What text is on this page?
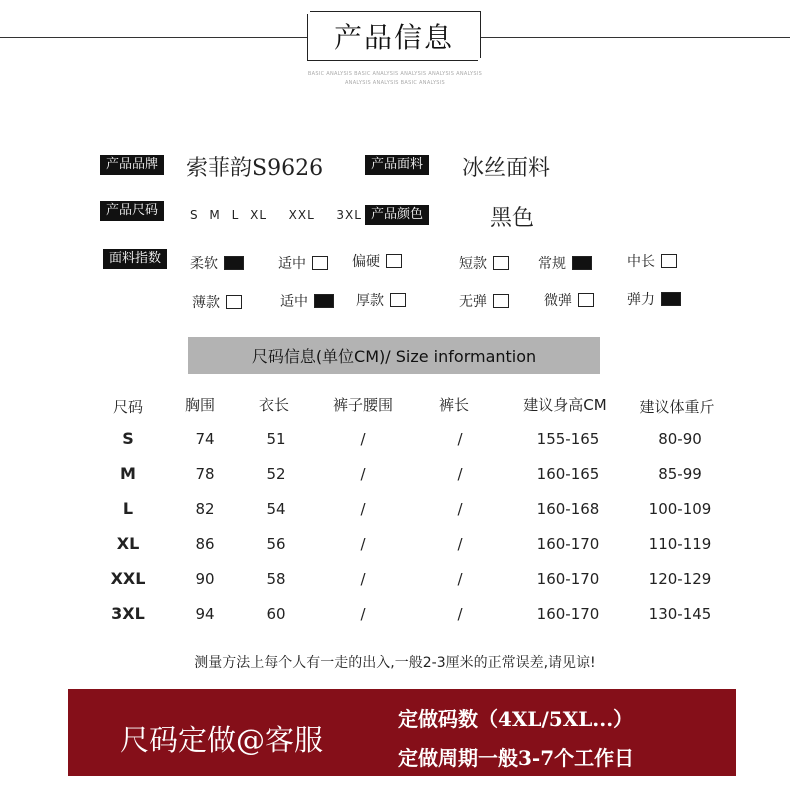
产品信息
BASIC ANALYSIS BASIC ANALYSIS ANALYSIS ANALYSIS ANALYSIS
ANALYSIS ANALYSIS BASIC ANALYSIS
产品品牌 索菲韵S9626	产品面料 冰丝面料
产品尺码	S M L XL  XXL  3XL 产品颜色	黑色
面料指数	柔软	适中	偏硬	短款	常规	中长
薄款	适中	厚款	无弹	微弹	弹力
尺码信息(单位CM)/ Size informantion
尺码	胸围	衣长	裤子腰围	裤长	建议身高CM	建议体重斤
S	74	51	/	/	155-165	80-90
M	78	52	/	/	160-165	85-99
L	82	54	/	/	160-168	100-109
XL	86	56	/	/	160-170	110-119
XXL	90	58	/	/	160-170	120-129
3XL	94	60	/	/	160-170	130-145
测量方法上每个人有一走的出入,一般2-3厘米的正常误差,请见谅!
尺码定做@客服
定做码数（4XL/5XL...）
定做周期一般3-7个工作日
